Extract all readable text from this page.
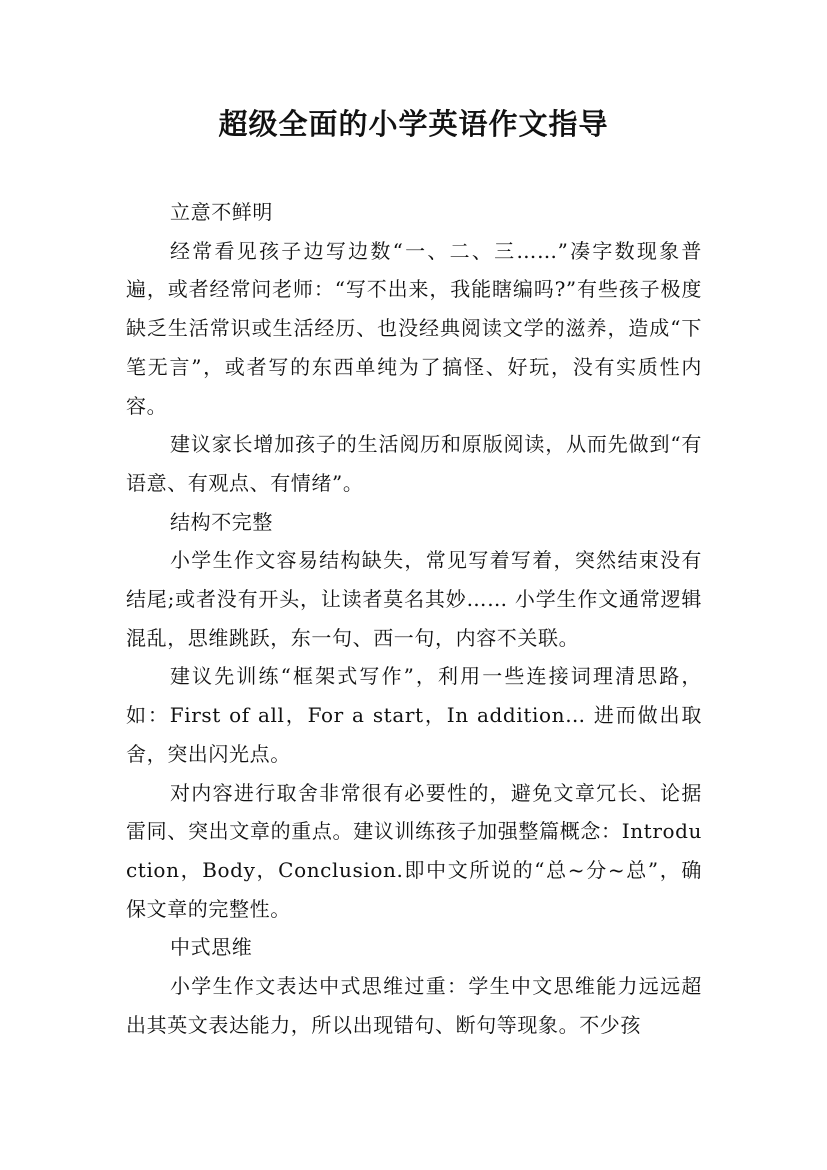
超级全面的小学英语作文指导

立意不鲜明

经常看见孩子边写边数“一、二、三……”凑字数现象普遍，或者经常问老师：“写不出来，我能瞎编吗?”有些孩子极度缺乏生活常识或生活经历、也没经典阅读文学的滋养，造成“下笔无言”，或者写的东西单纯为了搞怪、好玩，没有实质性内容。

建议家长增加孩子的生活阅历和原版阅读，从而先做到“有语意、有观点、有情绪”。

结构不完整

小学生作文容易结构缺失，常见写着写着，突然结束没有结尾;或者没有开头，让读者莫名其妙…… 小学生作文通常逻辑混乱，思维跳跃，东一句、西一句，内容不关联。

建议先训练“框架式写作”，利用一些连接词理清思路，如：First of all，For a start，In addition… 进而做出取舍，突出闪光点。

对内容进行取舍非常很有必要性的，避免文章冗长、论据雷同、突出文章的重点。建议训练孩子加强整篇概念：Introduction，Body，Conclusion.即中文所说的“总~分~总”，确保文章的完整性。

中式思维

小学生作文表达中式思维过重：学生中文思维能力远远超出其英文表达能力，所以出现错句、断句等现象。不少孩
